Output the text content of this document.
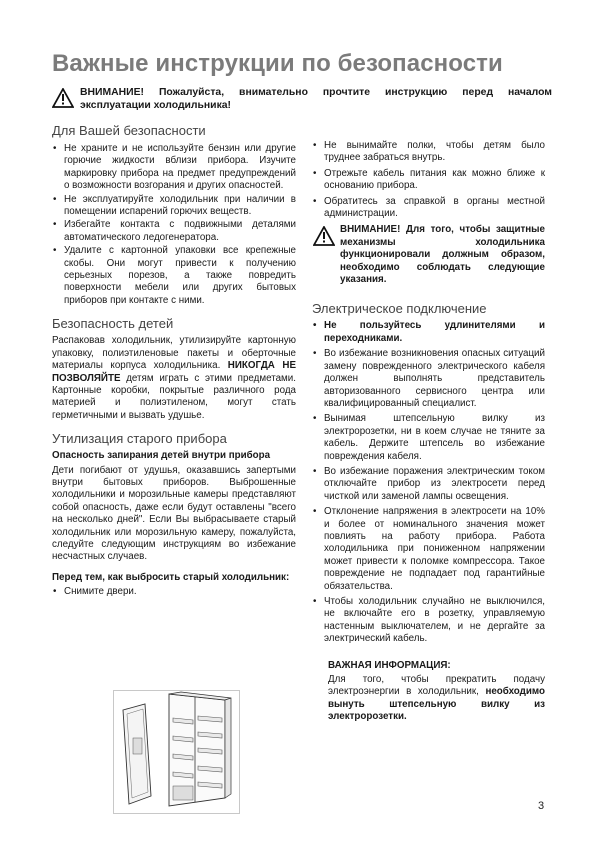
Важные инструкции по безопасности

ВНИМАНИЕ! Пожалуйста, внимательно прочтите инструкцию перед началом эксплуатации холодильника!

Для Вашей безопасности
• Не храните и не используйте бензин или другие горючие жидкости вблизи прибора. Изучите маркировку прибора на предмет предупреждений о возможности возгорания и других опасностей.
• Не эксплуатируйте холодильник при наличии в помещении испарений горючих веществ.
• Избегайте контакта с подвижными деталями автоматического ледогенератора.
• Удалите с картонной упаковки все крепежные скобы. Они могут привести к получению серьезных порезов, а также повредить поверхности мебели или других бытовых приборов при контакте с ними.
Безопасность детей

Распаковав холодильник, утилизируйте картонную упаковку, полиэтиленовые пакеты и оберточные материалы корпуса холодильника. НИКОГДА НЕ ПОЗВОЛЯЙТЕ детям играть с этими предметами. Картонные коробки, покрытые различного рода материей и полиэтиленом, могут стать герметичными и вызвать удушье.

Утилизация старого прибора

Опасность запирания детей внутри прибора

Дети погибают от удушья, оказавшись запертыми внутри бытовых приборов. Выброшенные холодильники и морозильные камеры представляют собой опасность, даже если будут оставлены "всего на несколько дней". Если Вы выбрасываете старый холодильник или морозильную камеру, пожалуйста, следуйте следующим инструкциям во избежание несчастных случаев.

Перед тем, как выбросить старый холодильник:

• Снимите двери.
• Не вынимайте полки, чтобы детям было труднее забраться внутрь.
• Отрежьте кабель питания как можно ближе к основанию прибора.
• Обратитесь за справкой в органы местной администрации.

ВНИМАНИЕ! Для того, чтобы защитные механизмы холодильника функционировали должным образом, необходимо соблюдать следующие указания.

Электрическое подключение
• Не пользуйтесь удлинителями и переходниками.
• Во избежание возникновения опасных ситуаций замену поврежденного электрического кабеля должен выполнять представитель авторизованного сервисного центра или квалифицированный специалист.
• Вынимая штепсельную вилку из электророзетки, ни в коем случае не тяните за кабель. Держите штепсель во избежание повреждения кабеля.
• Во избежание поражения электрическим током отключайте прибор из электросети перед чисткой или заменой лампы освещения.
• Отклонение напряжения в электросети на 10% и более от номинального значения может повлиять на работу прибора. Работа холодильника при пониженном напряжении может привести к поломке компрессора. Такое повреждение не подпадает под гарантийные обязательства.
• Чтобы холодильник случайно не выключился, не включайте его в розетку, управляемую настенным выключателем, и не дергайте за электрический кабель.

ВАЖНАЯ ИНФОРМАЦИЯ:

Для того, чтобы прекратить подачу электроэнергии в холодильник, необходимо вынуть штепсельную вилку из электророзетки.

3
